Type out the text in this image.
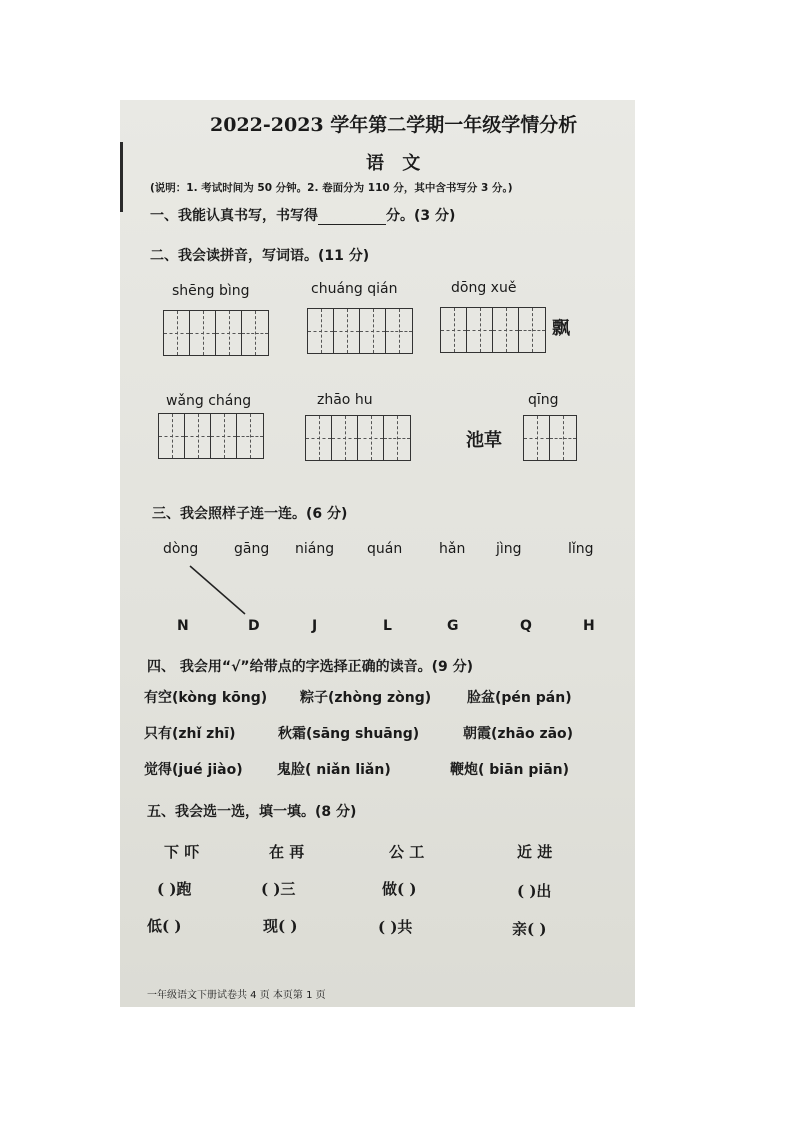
2022-2023 学年第二学期一年级学情分析
语 文
(说明：1. 考试时间为 50 分钟。2. 卷面分为 110 分，其中含书写分 3 分。)
一、我能认真书写，书写得	分。(3 分)
二、我会读拼音，写词语。(11 分)
shēng bìng	chuáng qián	dōng xuě
飘
wǎng cháng	zhāo hu	qīng
池草
三、我会照样子连一连。(6 分)
dòng	gāng niáng quán	hǎn jìng	lǐng
N	D	J	L	G	Q	H
四、 我会用“√”给带点的字选择正确的读音。(9 分)
有空(kòng kōng) 粽子(zhòng zòng)	脸盆(pén pán)
只有(zhǐ zhī)	秋霜(sāng shuāng)	朝霞(zhāo zāo)
觉得(jué jiào) 鬼脸( niǎn liǎn)	鞭炮( biān piān)
五、我会选一选，填一填。(8 分)
下 吓	在 再	公 工	近 进
( )跑	( )三	做( )	( )出
低( )	现( )	( )共	亲( )
一年级语文下册试卷共 4 页 本页第 1 页
